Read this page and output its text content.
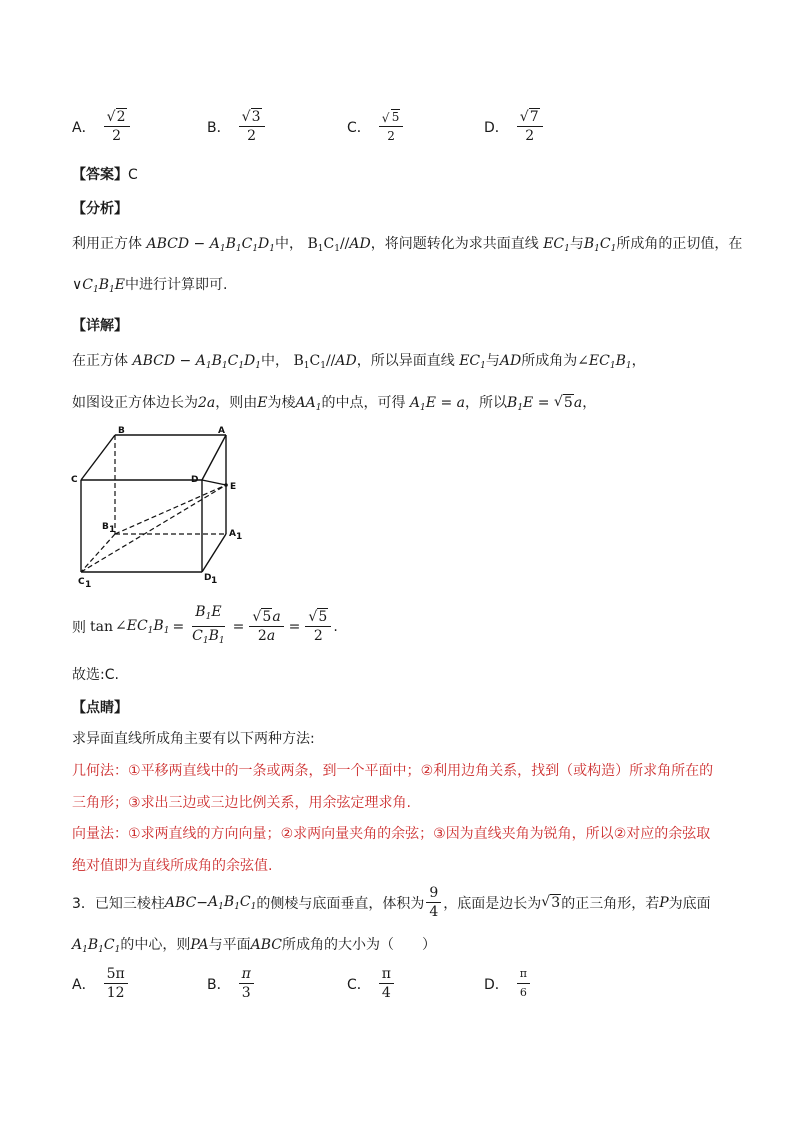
A． √ $\frac{2}{2}$	B． √ $\frac{3}{2}$	C． √ $\frac{5}{2}$	D． √ $\frac{7}{2}$
【答案】C
【分析】
利用正方体 ABCD − $A_1B_1C_1D_1$中， $B_1C_1//AD$，将问题转化为求共面直线 $EC_1$与$B_1C_1$所成角的正切值，在
$\vee C_1B_1E$中进行计算即可.
【详解】
在正方体 ABCD − $A_1B_1C_1D_1$中， $B_1C_1//AD$，所以异面直线 $EC_1$与AD所成角为$\angle EC_1B_1$，
如图设正方体边长为2a，则由E为棱$AA_1$的中点，可得 $A_1E = a$，所以$B_1E$ = √ 5a，
B	A
C	D
E
B 1	A 1
C 1
D 1
则 $\tan \angle EC_1B_1 = \frac{B_1E}{C_1B_1}$ = √ $\frac{5a}{2a}$ = √ $\frac{5}{2}$ .
故选:C.
【点睛】
求异面直线所成角主要有以下两种方法:
几何法：①平移两直线中的一条或两条，到一个平面中；②利用边角关系，找到（或构造）所求角所在的
三角形；③求出三边或三边比例关系，用余弦定理求角.
向量法：①求两直线的方向向量；②求两向量夹角的余弦；③因为直线夹角为锐角，所以②对应的余弦取
绝对值即为直线所成角的余弦值.
3． 已知三棱柱 ABC − $A_1B_1C_1$ 的侧棱与底面垂直，体积为 $\frac{9}{4}$ ，底面是边长为 √ 3 的正三角形，若 P 为底面
$A_1B_1C_1$的中心，则PA与平面ABC所成角的大小为（　　）
A． $\frac{5\pi}{12}$	B． $\frac{\pi}{3}$	C． $\frac{\pi}{4}$	D． $\frac{\pi}{6}$
